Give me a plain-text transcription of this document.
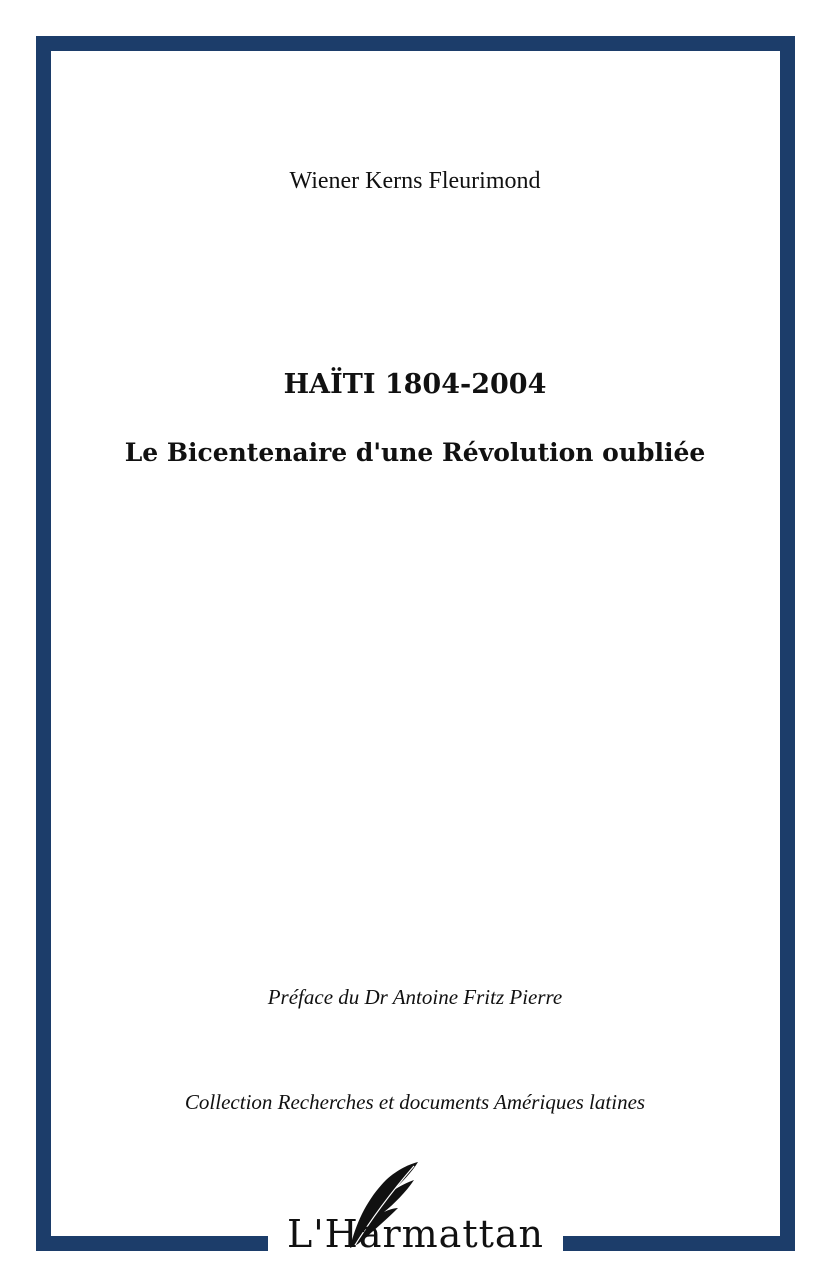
Wiener Kerns Fleurimond
HAÏTI 1804-2004
Le Bicentenaire d'une Révolution oubliée
Préface du Dr Antoine Fritz Pierre
Collection Recherches et documents Amériques latines
L'Harmattan
